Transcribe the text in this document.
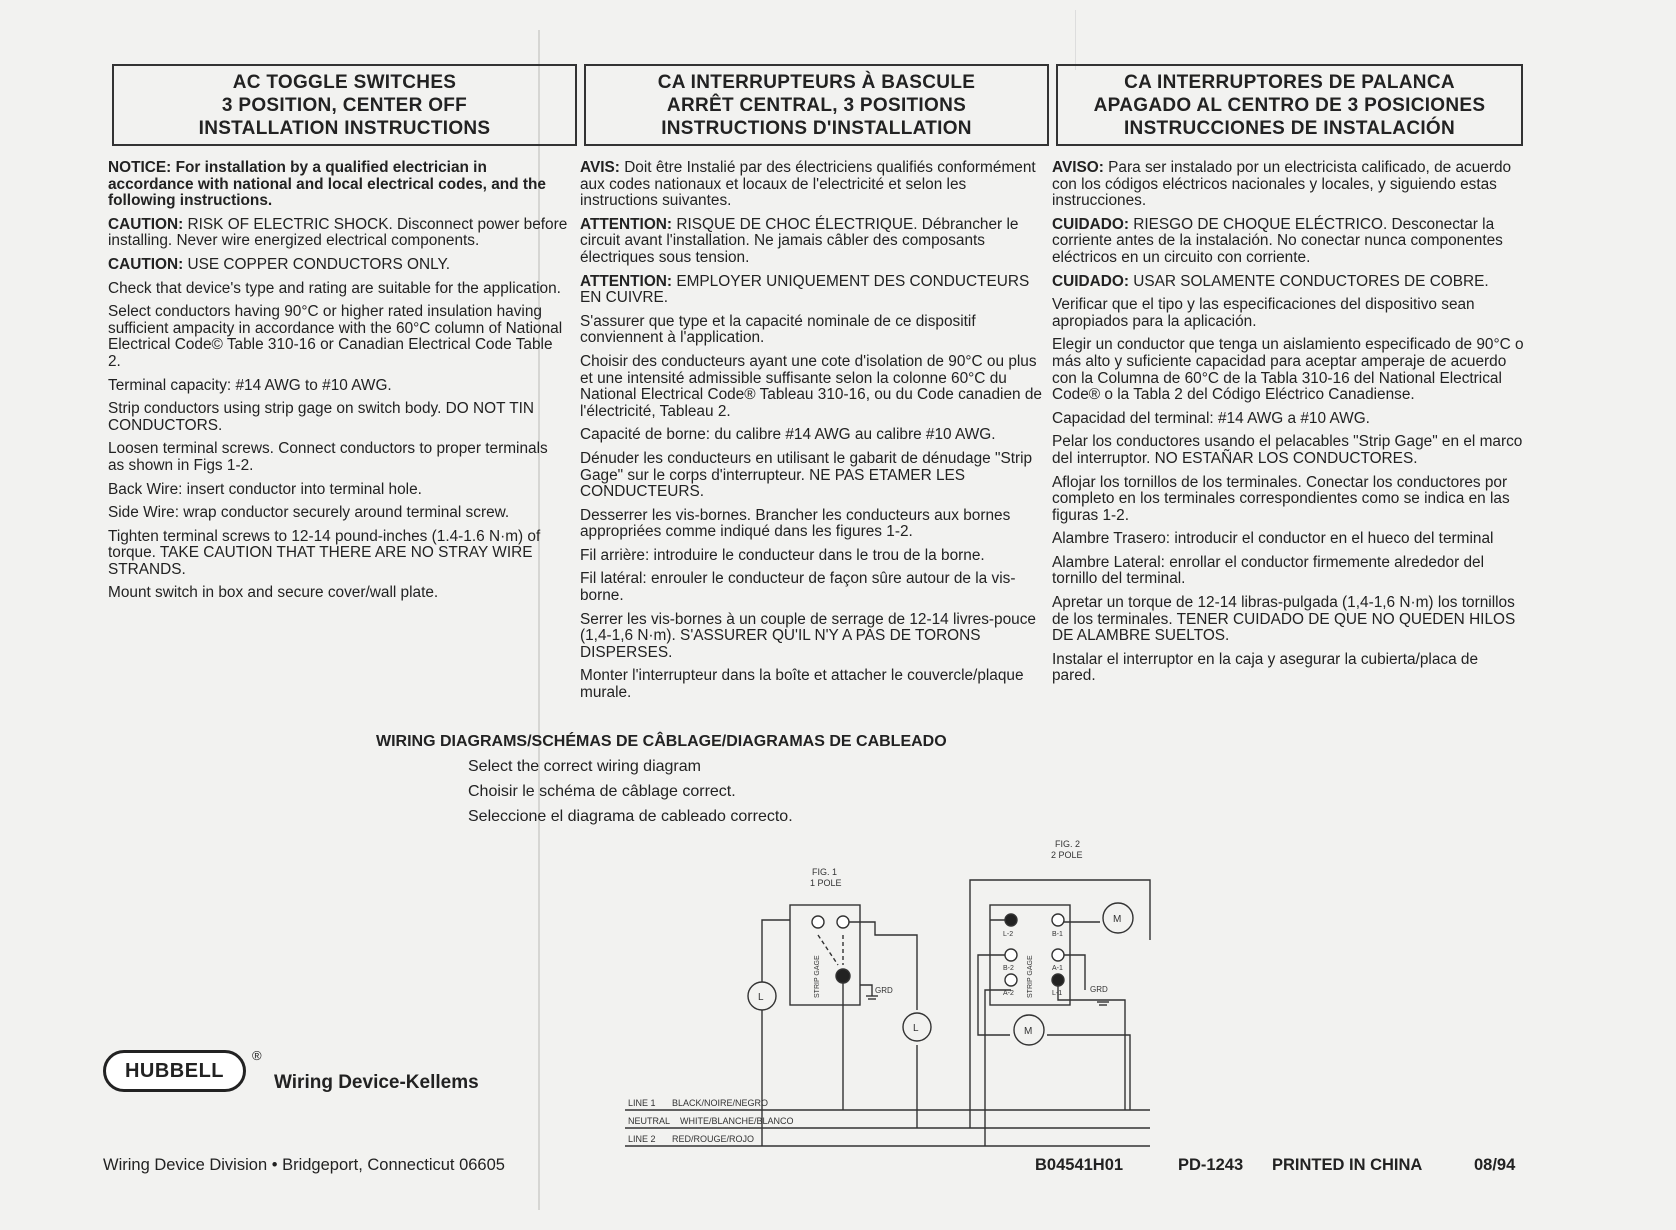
AC TOGGLE SWITCHES
3 POSITION, CENTER OFF
INSTALLATION INSTRUCTIONS
CA INTERRUPTEURS À BASCULE
ARRÊT CENTRAL, 3 POSITIONS
INSTRUCTIONS D'INSTALLATION
CA INTERRUPTORES DE PALANCA
APAGADO AL CENTRO DE 3 POSICIONES
INSTRUCCIONES DE INSTALACIÓN

NOTICE: For installation by a qualified electrician in accordance with national and local electrical codes, and the following instructions.

CAUTION: RISK OF ELECTRIC SHOCK. Disconnect power before installing. Never wire energized electrical components.

CAUTION: USE COPPER CONDUCTORS ONLY.

Check that device's type and rating are suitable for the application.

Select conductors having 90°C or higher rated insulation having sufficient ampacity in accordance with the 60°C column of National Electrical Code© Table 310-16 or Canadian Electrical Code Table 2.

Terminal capacity: #14 AWG to #10 AWG.

Strip conductors using strip gage on switch body. DO NOT TIN CONDUCTORS.

Loosen terminal screws. Connect conductors to proper terminals as shown in Figs 1-2.

Back Wire: insert conductor into terminal hole.

Side Wire: wrap conductor securely around terminal screw.

Tighten terminal screws to 12-14 pound-inches (1.4-1.6 N·m) of torque. TAKE CAUTION THAT THERE ARE NO STRAY WIRE STRANDS.

Mount switch in box and secure cover/wall plate.

AVIS: Doit être Instalié par des électriciens qualifiés conformément aux codes nationaux et locaux de l'electricité et selon les instructions suivantes.

ATTENTION: RISQUE DE CHOC ÉLECTRIQUE. Débrancher le circuit avant l'installation. Ne jamais câbler des composants électriques sous tension.

ATTENTION: EMPLOYER UNIQUEMENT DES CONDUCTEURS EN CUIVRE.

S'assurer que type et la capacité nominale de ce dispositif conviennent à l'application.

Choisir des conducteurs ayant une cote d'isolation de 90°C ou plus et une intensité admissible suffisante selon la colonne 60°C du National Electrical Code® Tableau 310-16, ou du Code canadien de l'électricité, Tableau 2.

Capacité de borne: du calibre #14 AWG au calibre #10 AWG.

Dénuder les conducteurs en utilisant le gabarit de dénudage "Strip Gage" sur le corps d'interrupteur. NE PAS ETAMER LES CONDUCTEURS.

Desserrer les vis-bornes. Brancher les conducteurs aux bornes appropriées comme indiqué dans les figures 1-2.

Fil arrière: introduire le conducteur dans le trou de la borne.

Fil latéral: enrouler le conducteur de façon sûre autour de la vis-borne.

Serrer les vis-bornes à un couple de serrage de 12-14 livres-pouce (1,4-1,6 N·m). S'ASSURER QU'IL N'Y A PAS DE TORONS DISPERSES.

Monter l'interrupteur dans la boîte et attacher le couvercle/plaque murale.

AVISO: Para ser instalado por un electricista calificado, de acuerdo con los códigos eléctricos nacionales y locales, y siguiendo estas instrucciones.

CUIDADO: RIESGO DE CHOQUE ELÉCTRICO. Desconectar la corriente antes de la instalación. No conectar nunca componentes eléctricos en un circuito con corriente.

CUIDADO: USAR SOLAMENTE CONDUCTORES DE COBRE.

Verificar que el tipo y las especificaciones del dispositivo sean apropiados para la aplicación.

Elegir un conductor que tenga un aislamiento especificado de 90°C o más alto y suficiente capacidad para aceptar amperaje de acuerdo con la Columna de 60°C de la Tabla 310-16 del National Electrical Code® o la Tabla 2 del Código Eléctrico Canadiense.

Capacidad del terminal: #14 AWG a #10 AWG.

Pelar los conductores usando el pelacables "Strip Gage" en el marco del interruptor. NO ESTAÑAR LOS CONDUCTORES.

Aflojar los tornillos de los terminales. Conectar los conductores por completo en los terminales correspondientes como se indica en las figuras 1-2.

Alambre Trasero: introducir el conductor en el hueco del terminal

Alambre Lateral: enrollar el conductor firmemente alrededor del tornillo del terminal.

Apretar un torque de 12-14 libras-pulgada (1,4-1,6 N·m) los tornillos de los terminales. TENER CUIDADO DE QUE NO QUEDEN HILOS DE ALAMBRE SUELTOS.

Instalar el interruptor en la caja y asegurar la cubierta/placa de pared.

WIRING DIAGRAMS/SCHÉMAS DE CÂBLAGE/DIAGRAMAS DE CABLEADO
Select the correct wiring diagram
Choisir le schéma de câblage correct.
Seleccione el diagrama de cableado correcto.
FIG. 1
1 POLE
FIG. 2
2 POLE
STRIP GAGE	STRIP GAGE
GRD	GRD
L
L
M
M
L-2	B-1
B-2	A-1
A-2	L-1
LINE 1 BLACK/NOIRE/NEGRO
NEUTRAL WHITE/BLANCHE/BLANCO
LINE 2 RED/ROUGE/ROJO
HUBBELL
®
Wiring Device-Kellems
Wiring Device Division • Bridgeport, Connecticut 06605	B04541H01	PD-1243 PRINTED IN CHINA	08/94
